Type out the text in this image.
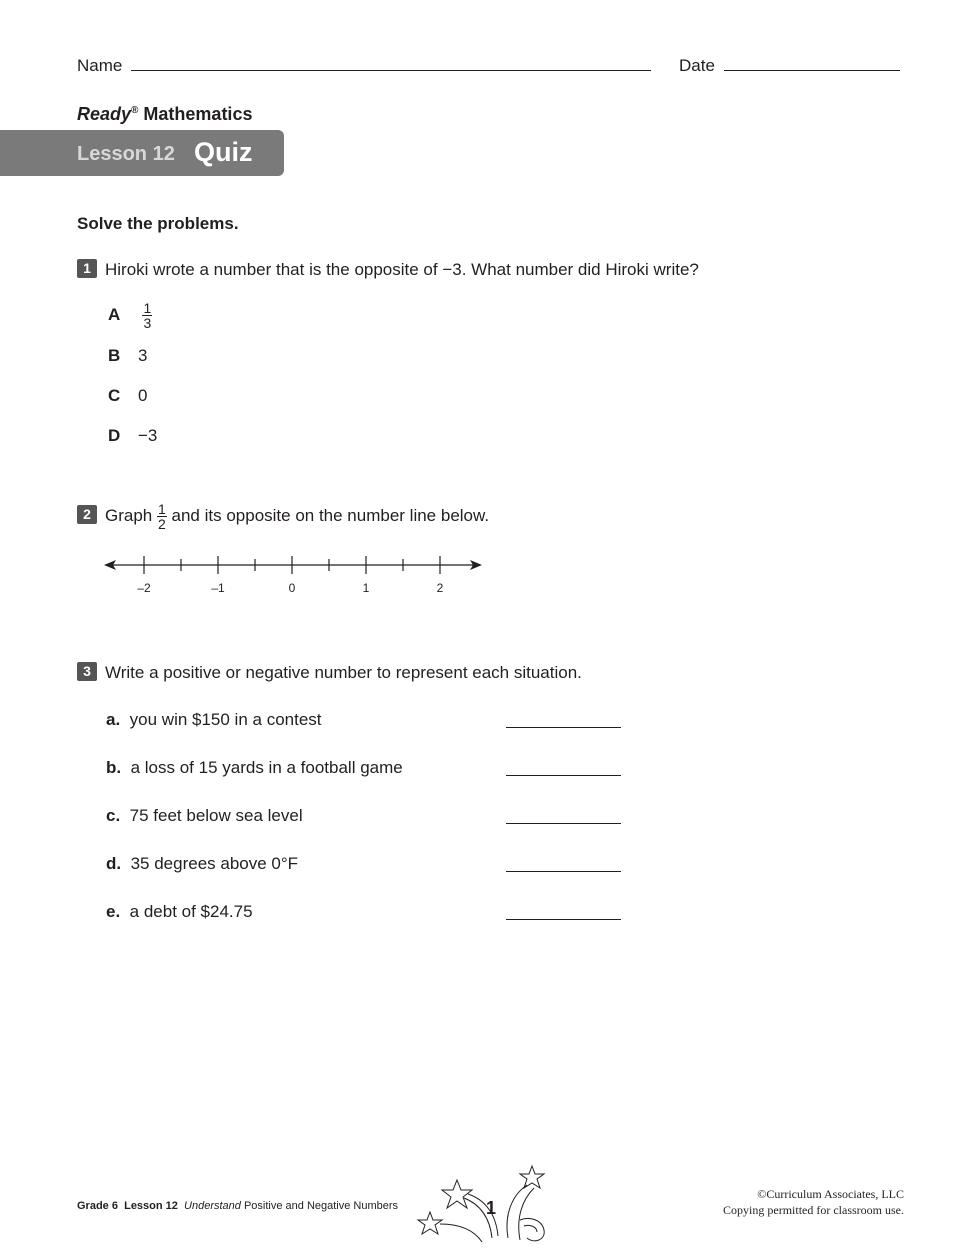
Name	Date
Ready® Mathematics
Lesson 12 Quiz
Solve the problems.
1 Hiroki wrote a number that is the opposite of −3. What number did Hiroki write?
A $\frac{1}{3}$
B 3
C 0
D −3
2 Graph $\frac{1}{2}$ and its opposite on the number line below.
–2	–1	0	1	2
3 Write a positive or negative number to represent each situation.
a. you win $150 in a contest
b. a loss of 15 yards in a football game
c. 75 feet below sea level
d. 35 degrees above 0°F
e. a debt of $24.75
Grade 6 Lesson 12 Understand Positive and Negative Numbers	1
©Curriculum Associates, LLC
Copying permitted for classroom use.
